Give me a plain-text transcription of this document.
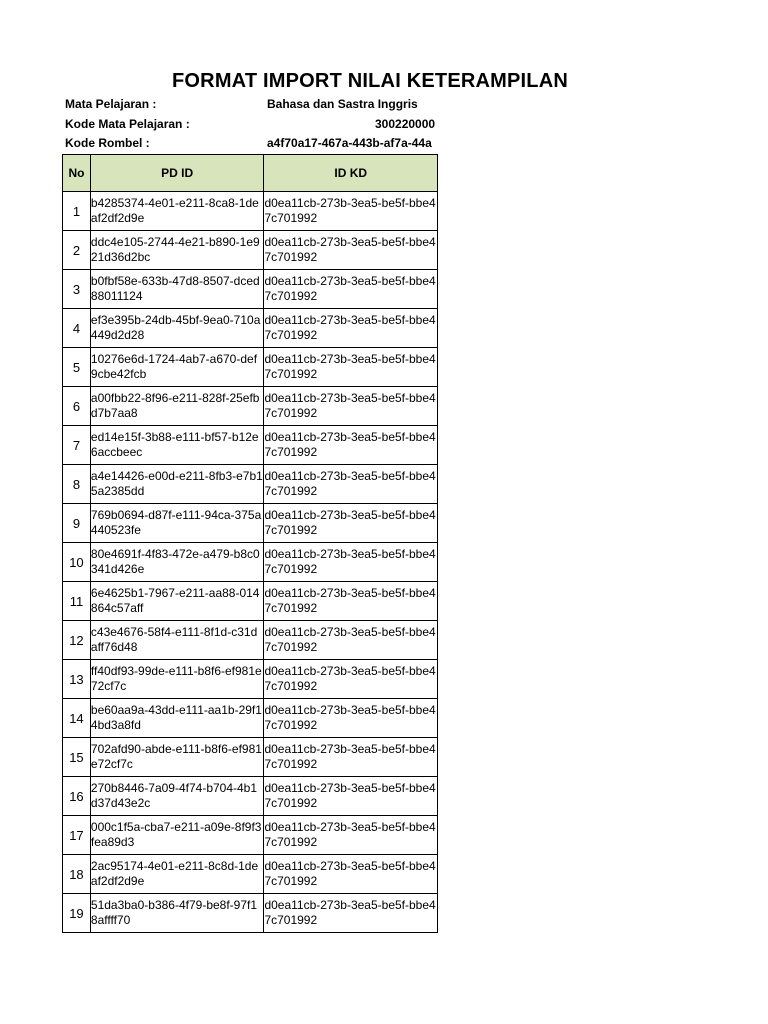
FORMAT IMPORT NILAI KETERAMPILAN
Mata Pelajaran :	Bahasa dan Sastra Inggris
Kode Mata Pelajaran :	300220000
Kode Rombel :	a4f70a17-467a-443b-af7a-44a
No	PD ID	ID KD
1	b4285374-4e01-e211-8ca8-1deaf2df2d9e	d0ea11cb-273b-3ea5-be5f-bbe47c701992
2	ddc4e105-2744-4e21-b890-1e921d36d2bc	d0ea11cb-273b-3ea5-be5f-bbe47c701992
3	b0fbf58e-633b-47d8-8507-dced88011124	d0ea11cb-273b-3ea5-be5f-bbe47c701992
4	ef3e395b-24db-45bf-9ea0-710a449d2d28	d0ea11cb-273b-3ea5-be5f-bbe47c701992
5	10276e6d-1724-4ab7-a670-def9cbe42fcb	d0ea11cb-273b-3ea5-be5f-bbe47c701992
6	a00fbb22-8f96-e211-828f-25efbd7b7aa8	d0ea11cb-273b-3ea5-be5f-bbe47c701992
7	ed14e15f-3b88-e111-bf57-b12e6accbeec	d0ea11cb-273b-3ea5-be5f-bbe47c701992
8	a4e14426-e00d-e211-8fb3-e7b15a2385dd	d0ea11cb-273b-3ea5-be5f-bbe47c701992
9	769b0694-d87f-e111-94ca-375a440523fe	d0ea11cb-273b-3ea5-be5f-bbe47c701992
10	80e4691f-4f83-472e-a479-b8c0341d426e	d0ea11cb-273b-3ea5-be5f-bbe47c701992
11	6e4625b1-7967-e211-aa88-014864c57aff	d0ea11cb-273b-3ea5-be5f-bbe47c701992
12	c43e4676-58f4-e111-8f1d-c31daff76d48	d0ea11cb-273b-3ea5-be5f-bbe47c701992
13	ff40df93-99de-e111-b8f6-ef981e72cf7c	d0ea11cb-273b-3ea5-be5f-bbe47c701992
14	be60aa9a-43dd-e111-aa1b-29f14bd3a8fd	d0ea11cb-273b-3ea5-be5f-bbe47c701992
15	702afd90-abde-e111-b8f6-ef981e72cf7c	d0ea11cb-273b-3ea5-be5f-bbe47c701992
16	270b8446-7a09-4f74-b704-4b1d37d43e2c	d0ea11cb-273b-3ea5-be5f-bbe47c701992
17	000c1f5a-cba7-e211-a09e-8f9f3fea89d3	d0ea11cb-273b-3ea5-be5f-bbe47c701992
18	2ac95174-4e01-e211-8c8d-1deaf2df2d9e	d0ea11cb-273b-3ea5-be5f-bbe47c701992
19	51da3ba0-b386-4f79-be8f-97f18affff70	d0ea11cb-273b-3ea5-be5f-bbe47c701992
